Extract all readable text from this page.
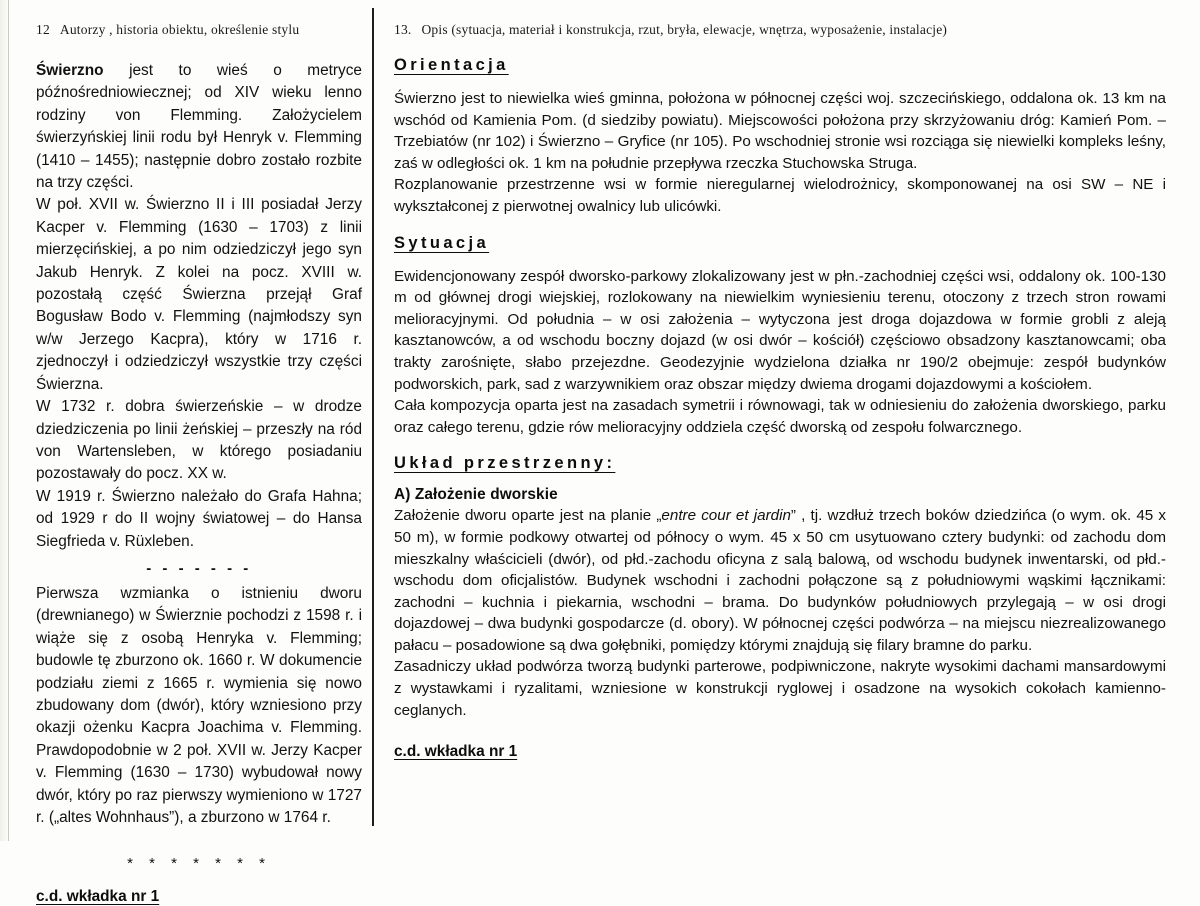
12 Autorzy , historia obiektu, określenie stylu

Świerzno jest to wieś o metryce późnośredniowiecznej; od XIV wieku lenno rodziny von Flemming. Założycielem świerzyńskiej linii rodu był Henryk v. Flemming (1410 – 1455); następnie dobro zostało rozbite na trzy części.

W poł. XVII w. Świerzno II i III posiadał Jerzy Kacper v. Flemming (1630 – 1703) z linii mierzęcińskiej, a po nim odziedziczył jego syn Jakub Henryk. Z kolei na pocz. XVIII w. pozostałą część Świerzna przejął Graf Bogusław Bodo v. Flemming (najmłodszy syn w/w Jerzego Kacpra), który w 1716 r. zjednoczył i odziedziczył wszystkie trzy części Świerzna.

W 1732 r. dobra świerzeńskie – w drodze dziedziczenia po linii żeńskiej – przeszły na ród von Wartensleben, w którego posiadaniu pozostawały do pocz. XX w.

W 1919 r. Świerzno należało do Grafa Hahna; od 1929 r do II wojny światowej – do Hansa Siegfrieda v. Rüxleben.

- - - - - - -

Pierwsza wzmianka o istnieniu dworu (drewnianego) w Świerznie pochodzi z 1598 r. i wiąże się z osobą Henryka v. Flemming; budowle tę zburzono ok. 1660 r. W dokumencie podziału ziemi z 1665 r. wymienia się nowo zbudowany dom (dwór), który wzniesiono przy okazji ożenku Kacpra Joachima v. Flemming. Prawdopodobnie w 2 poł. XVII w. Jerzy Kacper v. Flemming (1630 – 1730) wybudował nowy dwór, który po raz pierwszy wymieniono w 1727 r. („altes Wohnhaus”), a zburzono w 1764 r.

* * * * * * *
c.d. wkładka nr 1
13. Opis (sytuacja, materiał i konstrukcja, rzut, bryła, elewacje, wnętrza, wyposażenie, instalacje)
Orientacja

Świerzno jest to niewielka wieś gminna, położona w północnej części woj. szczecińskiego, oddalona ok. 13 km na wschód od Kamienia Pom. (d siedziby powiatu). Miejscowości położona przy skrzyżowaniu dróg: Kamień Pom. – Trzebiatów (nr 102) i Świerzno – Gryfice (nr 105). Po wschodniej stronie wsi rozciąga się niewielki kompleks leśny, zaś w odległości ok. 1 km na południe przepływa rzeczka Stuchowska Struga.

Rozplanowanie przestrzenne wsi w formie nieregularnej wielodrożnicy, skomponowanej na osi SW – NE i wykształconej z pierwotnej owalnicy lub ulicówki.

Sytuacja

Ewidencjonowany zespół dworsko-parkowy zlokalizowany jest w płn.-zachodniej części wsi, oddalony ok. 100-130 m od głównej drogi wiejskiej, rozlokowany na niewielkim wyniesieniu terenu, otoczony z trzech stron rowami melioracyjnymi. Od południa – w osi założenia – wytyczona jest droga dojazdowa w formie grobli z aleją kasztanowców, a od wschodu boczny dojazd (w osi dwór – kościół) częściowo obsadzony kasztanowcami; oba trakty zarośnięte, słabo przejezdne. Geodezyjnie wydzielona działka nr 190/2 obejmuje: zespół budynków podworskich, park, sad z warzywnikiem oraz obszar między dwiema drogami dojazdowymi a kościołem.

Cała kompozycja oparta jest na zasadach symetrii i równowagi, tak w odniesieniu do założenia dworskiego, parku oraz całego terenu, gdzie rów melioracyjny oddziela część dworską od zespołu folwarcznego.

Układ przestrzenny:

A) Założenie dworskie

Założenie dworu oparte jest na planie „entre cour et jardin” , tj. wzdłuż trzech boków dziedzińca (o wym. ok. 45 x 50 m), w formie podkowy otwartej od północy o wym. 45 x 50 cm usytuowano cztery budynki: od zachodu dom mieszkalny właścicieli (dwór), od płd.-zachodu oficyna z salą balową, od wschodu budynek inwentarski, od płd.-wschodu dom oficjalistów. Budynek wschodni i zachodni połączone są z południowymi wąskimi łącznikami: zachodni – kuchnia i piekarnia, wschodni – brama. Do budynków południowych przylegają – w osi drogi dojazdowej – dwa budynki gospodarcze (d. obory). W północnej części podwórza – na miejscu niezrealizowanego pałacu – posadowione są dwa gołębniki, pomiędzy którymi znajdują się filary bramne do parku.

Zasadniczy układ podwórza tworzą budynki parterowe, podpiwniczone, nakryte wysokimi dachami mansardowymi z wystawkami i ryzalitami, wzniesione w konstrukcji ryglowej i osadzone na wysokich cokołach kamienno-ceglanych.

c.d. wkładka nr 1
